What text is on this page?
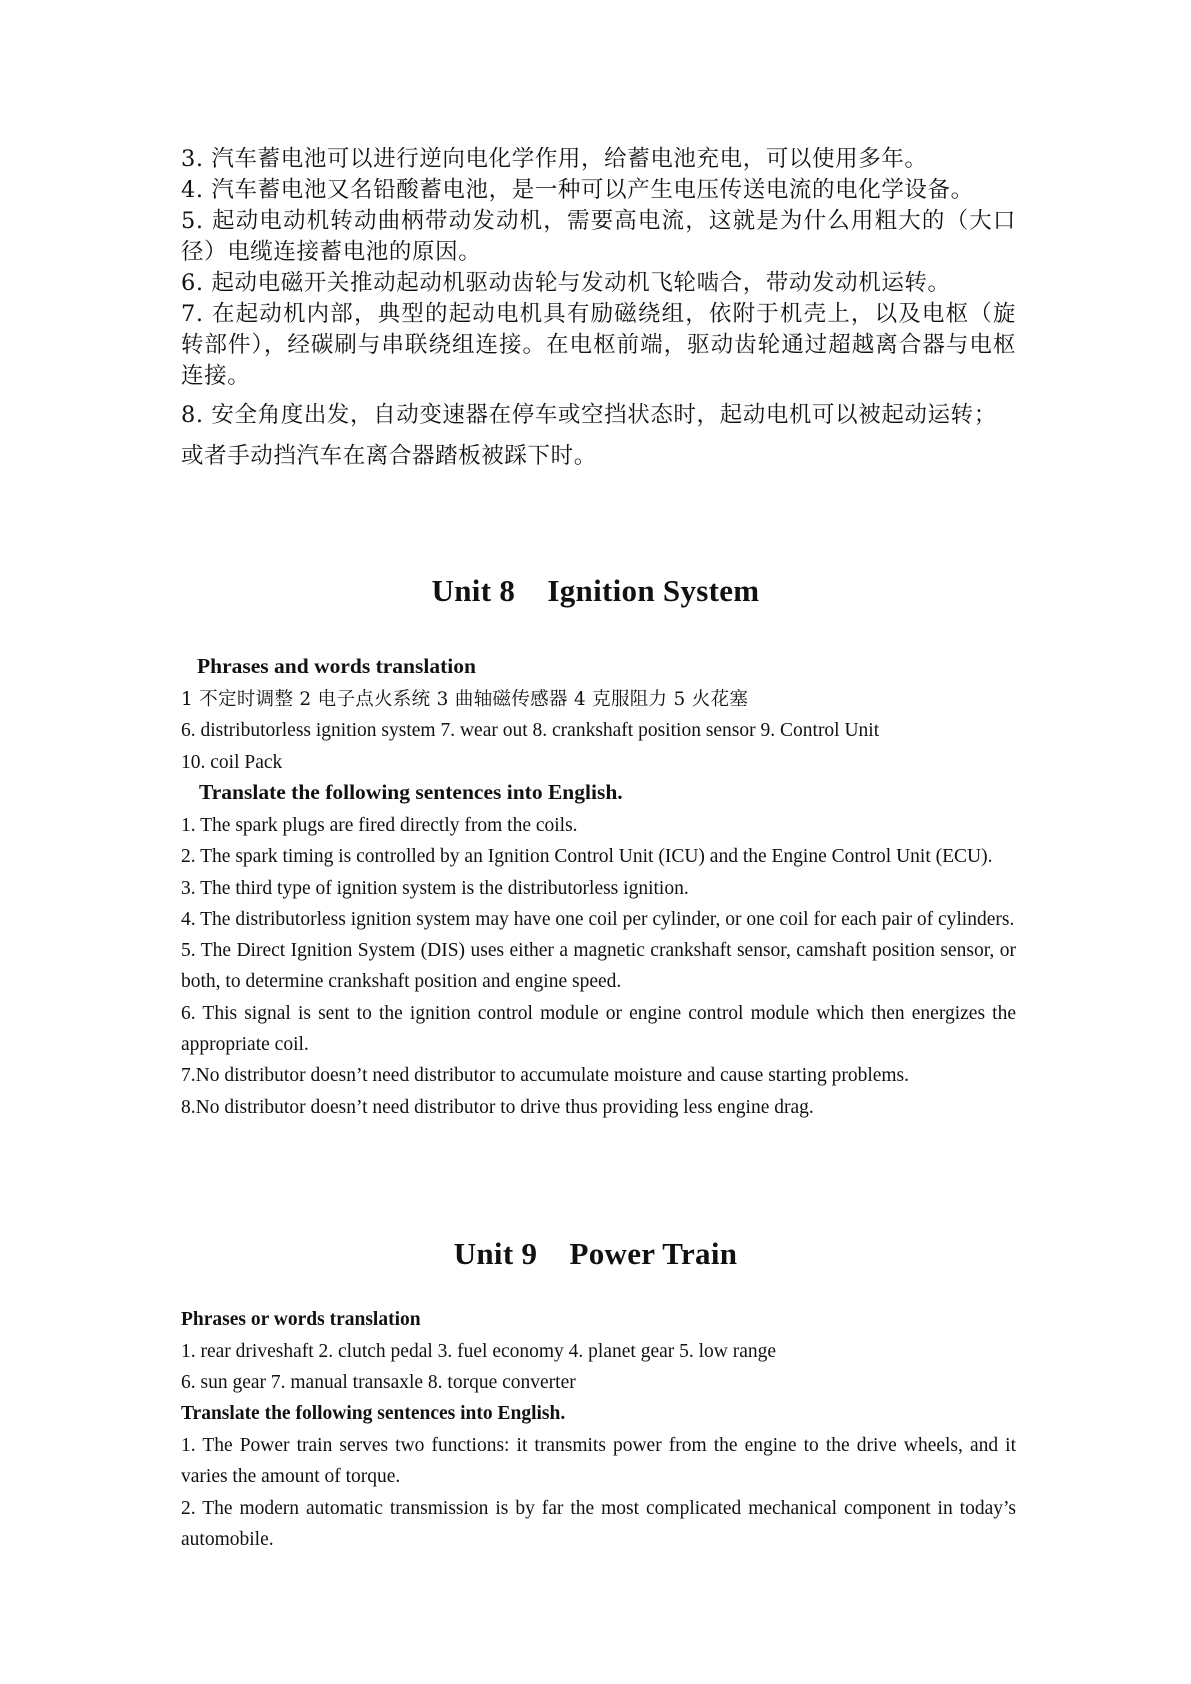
3. 汽车蓄电池可以进行逆向电化学作用，给蓄电池充电，可以使用多年。

4. 汽车蓄电池又名铅酸蓄电池，是一种可以产生电压传送电流的电化学设备。

5. 起动电动机转动曲柄带动发动机，需要高电流，这就是为什么用粗大的（大口径）电缆连接蓄电池的原因。

6. 起动电磁开关推动起动机驱动齿轮与发动机飞轮啮合，带动发动机运转。

7. 在起动机内部，典型的起动电机具有励磁绕组，依附于机壳上，以及电枢（旋转部件），经碳刷与串联绕组连接。在电枢前端，驱动齿轮通过超越离合器与电枢连接。

8. 安全角度出发，自动变速器在停车或空挡状态时，起动电机可以被起动运转；

或者手动挡汽车在离合器踏板被踩下时。

Unit 8    Ignition System
Phrases and words translation

1 不定时调整 2 电子点火系统 3 曲轴磁传感器 4 克服阻力 5 火花塞

6. distributorless ignition system 7. wear out 8. crankshaft position sensor 9. Control Unit

10. coil Pack

Translate the following sentences into English.

1. The spark plugs are fired directly from the coils.

2. The spark timing is controlled by an Ignition Control Unit (ICU) and the Engine Control Unit (ECU).

3. The third type of ignition system is the distributorless ignition.

4. The distributorless ignition system may have one coil per cylinder, or one coil for each pair of cylinders.

5. The Direct Ignition System (DIS) uses either a magnetic crankshaft sensor, camshaft position sensor, or both, to determine crankshaft position and engine speed.

6. This signal is sent to the ignition control module or engine control module which then energizes the appropriate coil.

7.No distributor doesn’t need distributor to accumulate moisture and cause starting problems.

8.No distributor doesn’t need distributor to drive thus providing less engine drag.

Unit 9    Power Train
Phrases or words translation

1. rear driveshaft 2. clutch pedal 3. fuel economy 4. planet gear 5. low range

6. sun gear 7. manual transaxle 8. torque converter

Translate the following sentences into English.

1. The Power train serves two functions: it transmits power from the engine to the drive wheels, and it varies the amount of torque.

2. The modern automatic transmission is by far the most complicated mechanical component in today’s automobile.
